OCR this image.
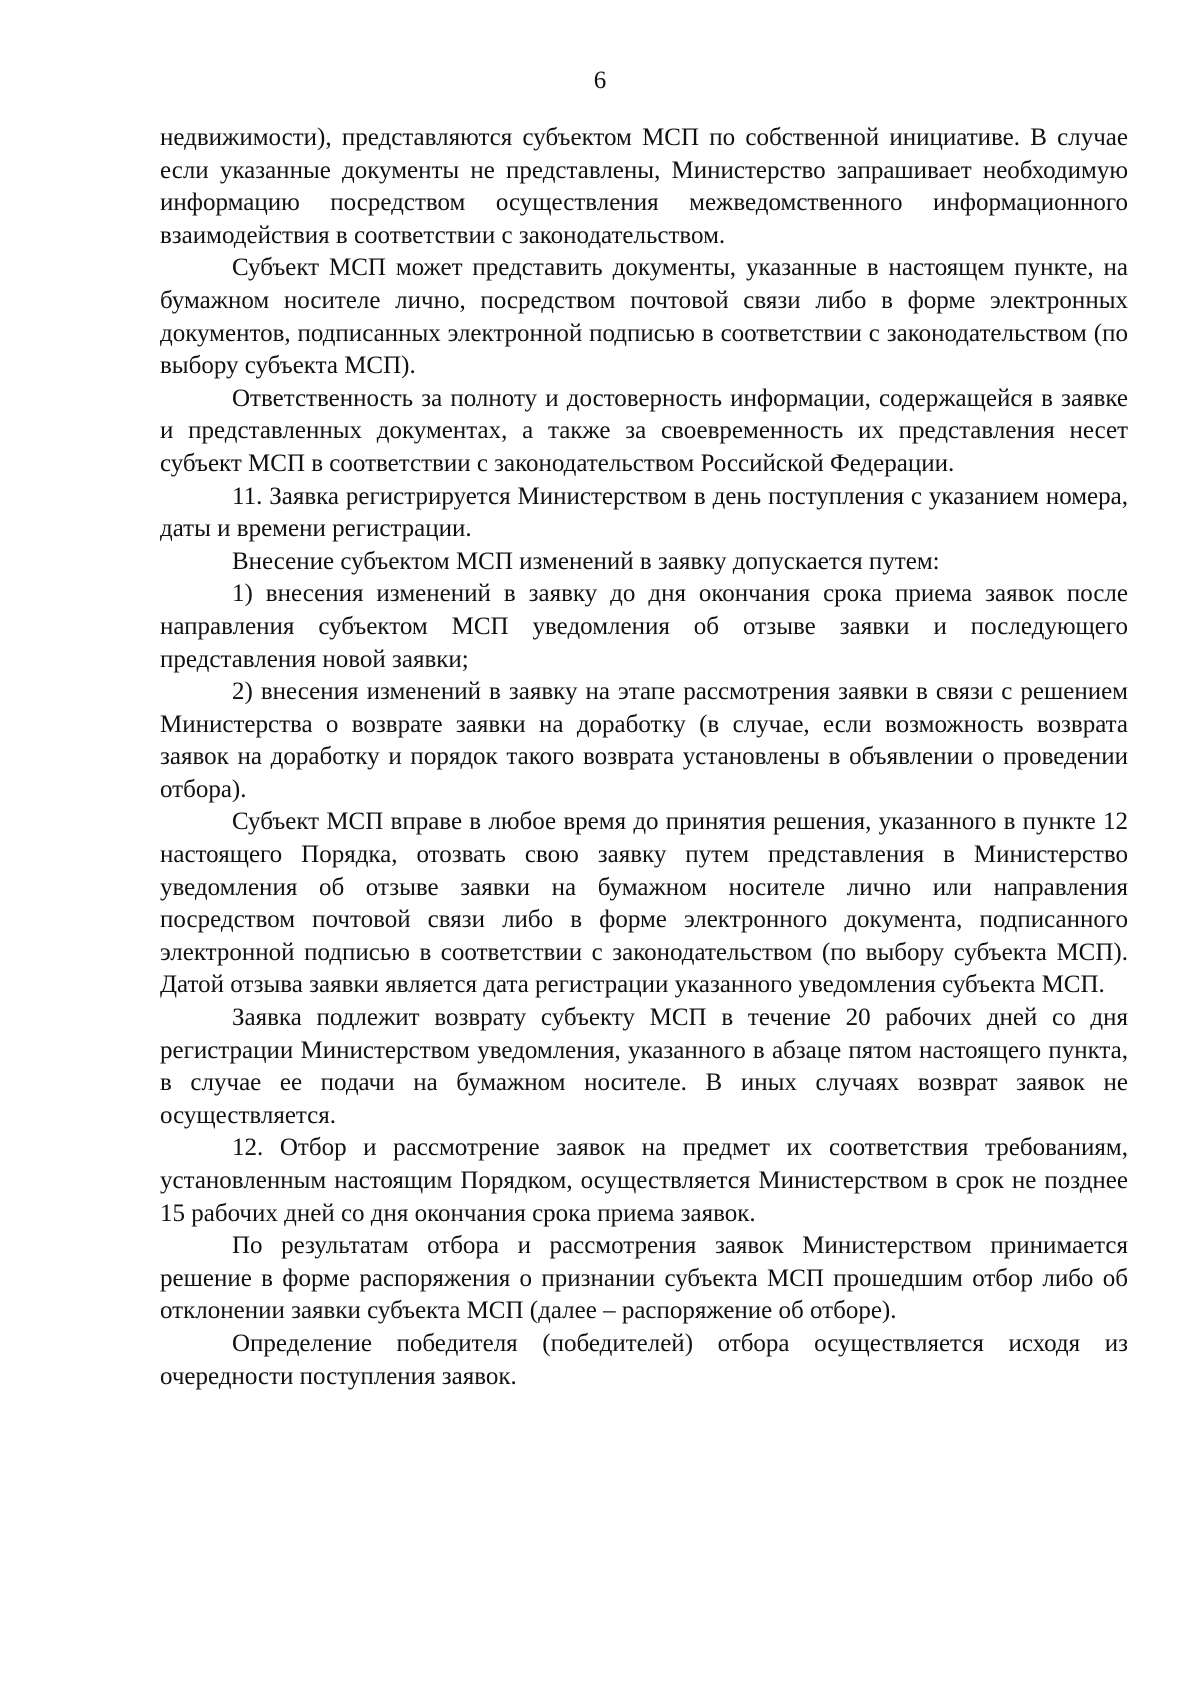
6

недвижимости), представляются субъектом МСП по собственной инициативе. В случае если указанные документы не представлены, Министерство запрашивает необходимую информацию посредством осуществления межведомственного информационного взаимодействия в соответствии с законодательством.

Субъект МСП может представить документы, указанные в настоящем пункте, на бумажном носителе лично, посредством почтовой связи либо в форме электронных документов, подписанных электронной подписью в соответствии с законодательством (по выбору субъекта МСП).

Ответственность за полноту и достоверность информации, содержащейся в заявке и представленных документах, а также за своевременность их представления несет субъект МСП в соответствии с законодательством Российской Федерации.

11. Заявка регистрируется Министерством в день поступления с указанием номера, даты и времени регистрации.

Внесение субъектом МСП изменений в заявку допускается путем:

1) внесения изменений в заявку до дня окончания срока приема заявок после направления субъектом МСП уведомления об отзыве заявки и последующего представления новой заявки;

2) внесения изменений в заявку на этапе рассмотрения заявки в связи с решением Министерства о возврате заявки на доработку (в случае, если возможность возврата заявок на доработку и порядок такого возврата установлены в объявлении о проведении отбора).

Субъект МСП вправе в любое время до принятия решения, указанного в пункте 12 настоящего Порядка, отозвать свою заявку путем представления в Министерство уведомления об отзыве заявки на бумажном носителе лично или направления посредством почтовой связи либо в форме электронного документа, подписанного электронной подписью в соответствии с законодательством (по выбору субъекта МСП). Датой отзыва заявки является дата регистрации указанного уведомления субъекта МСП.

Заявка подлежит возврату субъекту МСП в течение 20 рабочих дней со дня регистрации Министерством уведомления, указанного в абзаце пятом настоящего пункта, в случае ее подачи на бумажном носителе. В иных случаях возврат заявок не осуществляется.

12. Отбор и рассмотрение заявок на предмет их соответствия требованиям, установленным настоящим Порядком, осуществляется Министерством в срок не позднее 15 рабочих дней со дня окончания срока приема заявок.

По результатам отбора и рассмотрения заявок Министерством принимается решение в форме распоряжения о признании субъекта МСП прошедшим отбор либо об отклонении заявки субъекта МСП (далее – распоряжение об отборе).

Определение победителя (победителей) отбора осуществляется исходя из очередности поступления заявок.
